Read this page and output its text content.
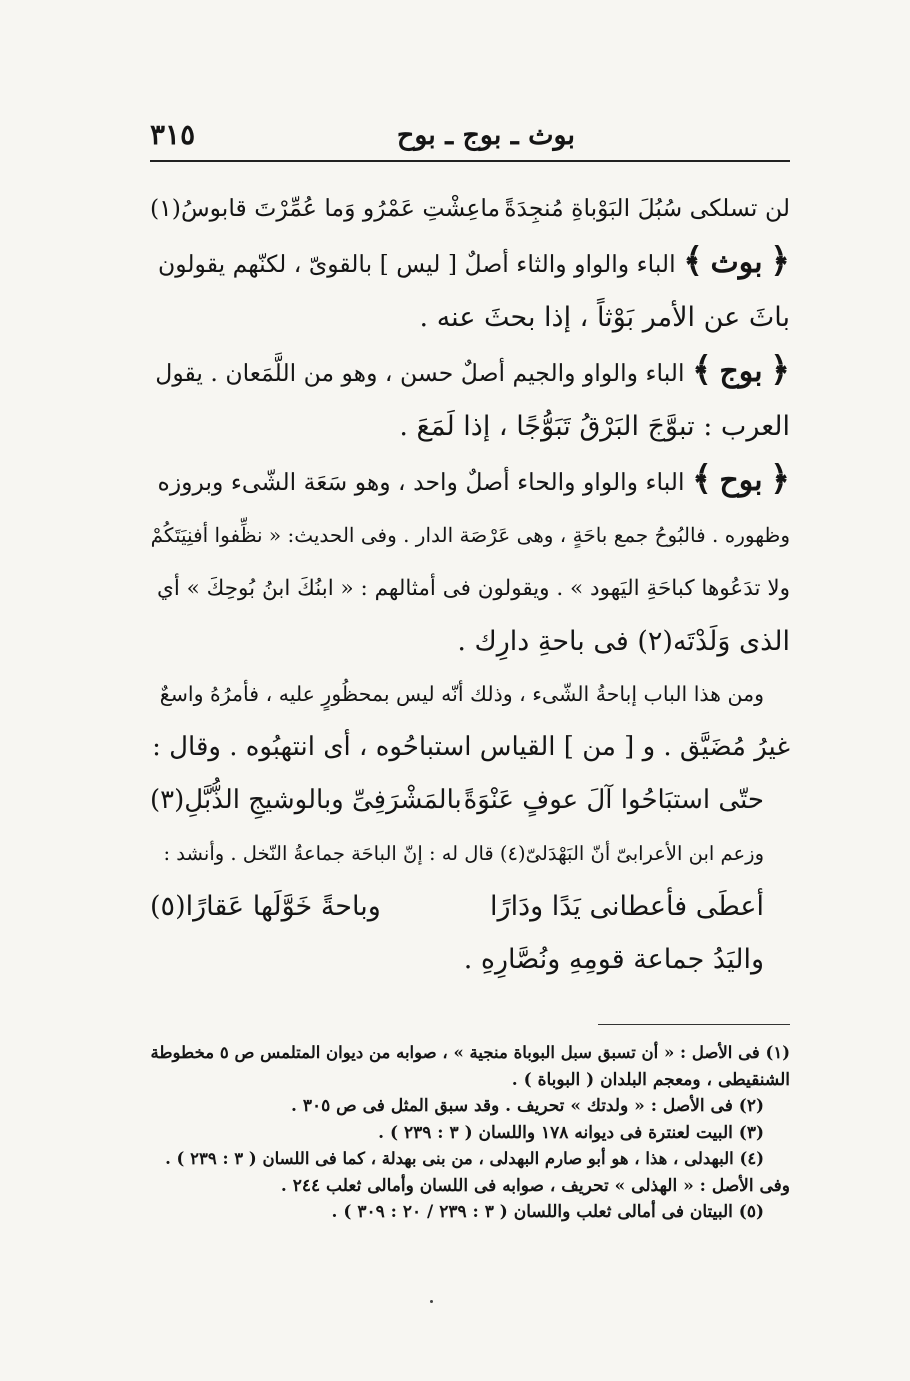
بوث ـ بوج ـ بوح
٣١٥
لن تسلكى سُبُلَ البَوْباةِ مُنجِدَةً
ماعِشْتِ عَمْرُو وَما عُمِّرْتَ قابوسُ(١)
﴿ بوث ﴾ الباء والواو والثاء أصلٌ [ ليس ] بالقوىّ ، لكنّهم يقولون
باثَ عن الأمر بَوْثاً ، إذا بحثَ عنه .
﴿ بوج ﴾ الباء والواو والجيم أصلٌ حسن ، وهو من اللَّمَعان . يقول
العرب : تبوَّجَ البَرْقُ تَبَوُّجًا ، إذا لَمَعَ .
﴿ بوح ﴾ الباء والواو والحاء أصلٌ واحد ، وهو سَعَة الشّىء وبروزه
وظهوره . فالبُوحُ جمع باحَةٍ ، وهى عَرْصَة الدار . وفى الحديث: « نظِّفوا أفنِيَتَكُمْ
ولا تدَعُوها كباحَةِ اليَهود » . ويقولون فى أمثالهم : « ابنُكَ ابنُ بُوحِكَ » أي
الذى وَلَدْتَه(٢) فى باحةِ دارِك .
ومن هذا الباب إباحةُ الشّىء ، وذلك أنّه ليس بمحظُورٍ عليه ، فأمرُهُ واسعٌ
غيرُ مُضَيَّق . و [ من ] القياس استباحُوه ، أى انتهبُوه . وقال :
حتّى استبَاحُوا آلَ عوفٍ عَنْوَةً
بالمَشْرَفِىِّ وبالوشيجِ الذُّبَّلِ(٣)
وزعم ابن الأعرابىّ أنّ البَهْدَلىّ(٤) قال له : إنّ الباحَة جماعةُ النّخل . وأنشد :
أعطَى فأعطانى يَدًا ودَارًا
وباحةً خَوَّلَها عَقارًا(٥)
واليَدُ جماعة قومِهِ ونُصَّارِهِ .
(١) فى الأصل : « أن تسبق سبل البوباة منجية » ، صوابه من ديوان المتلمس ص ٥ مخطوطة
الشنقيطى ، ومعجم البلدان ( البوباة ) .
(٢) فى الأصل : « ولدتك » تحريف . وقد سبق المثل فى ص ٣٠٥ .
(٣) البيت لعنترة فى ديوانه ١٧٨ واللسان ( ٣ : ٢٣٩ ) .
(٤) البهدلى ، هذا ، هو أبو صارم البهدلى ، من بنى بهدلة ، كما فى اللسان ( ٣ : ٢٣٩ ) .
وفى الأصل : « الهذلى » تحريف ، صوابه فى اللسان وأمالى ثعلب ٢٤٤ .
(٥) البيتان فى أمالى ثعلب واللسان ( ٣ : ٢٣٩ / ٢٠ : ٣٠٩ ) .
